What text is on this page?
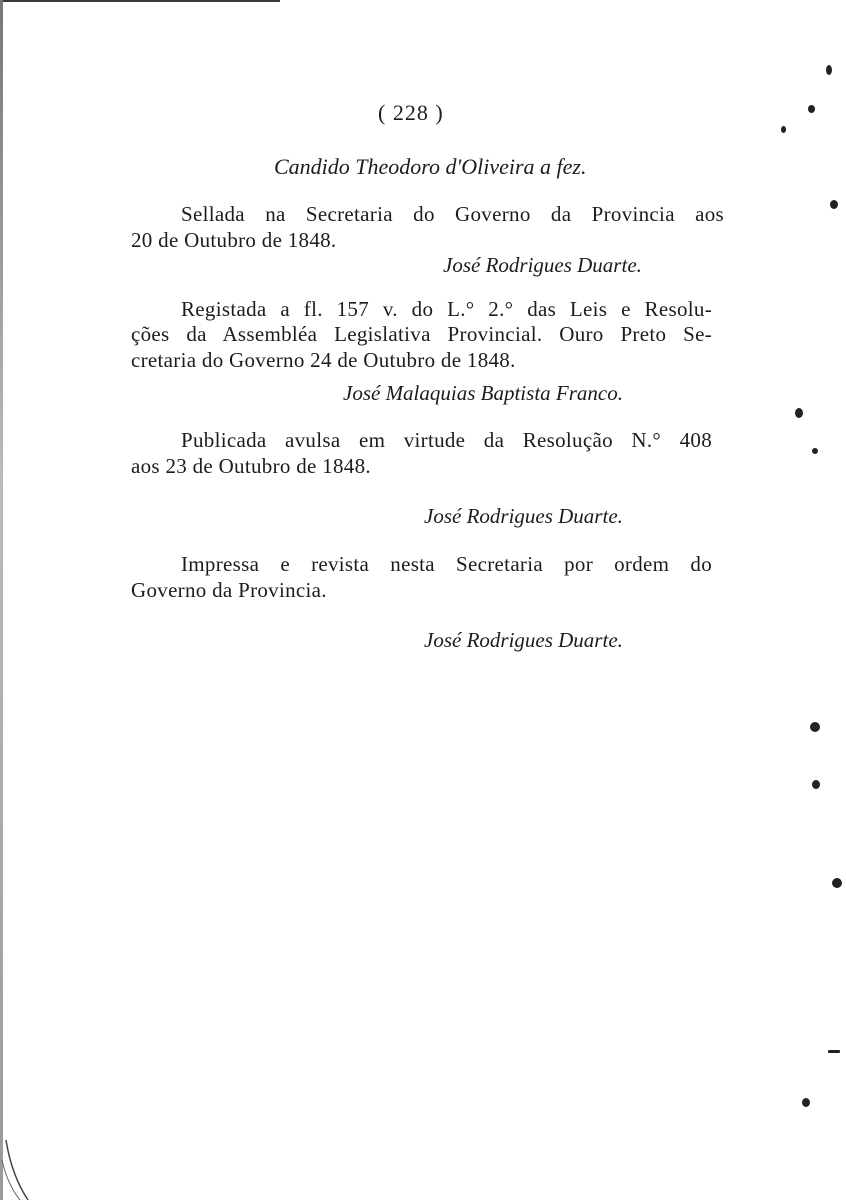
( 228 )
Candido Theodoro d'Oliveira a fez.
Sellada na Secretaria do Governo da Provincia aos
20 de Outubro de 1848.
José Rodrigues Duarte.
Registada a fl. 157 v. do L.° 2.° das Leis e Resolu-
ções da Assembléa Legislativa Provincial. Ouro Preto Se-
cretaria do Governo 24 de Outubro de 1848.
José Malaquias Baptista Franco.
Publicada avulsa em virtude da Resolução N.° 408
aos 23 de Outubro de 1848.
José Rodrigues Duarte.
Impressa e revista nesta Secretaria por ordem do
Governo da Provincia.
José Rodrigues Duarte.
